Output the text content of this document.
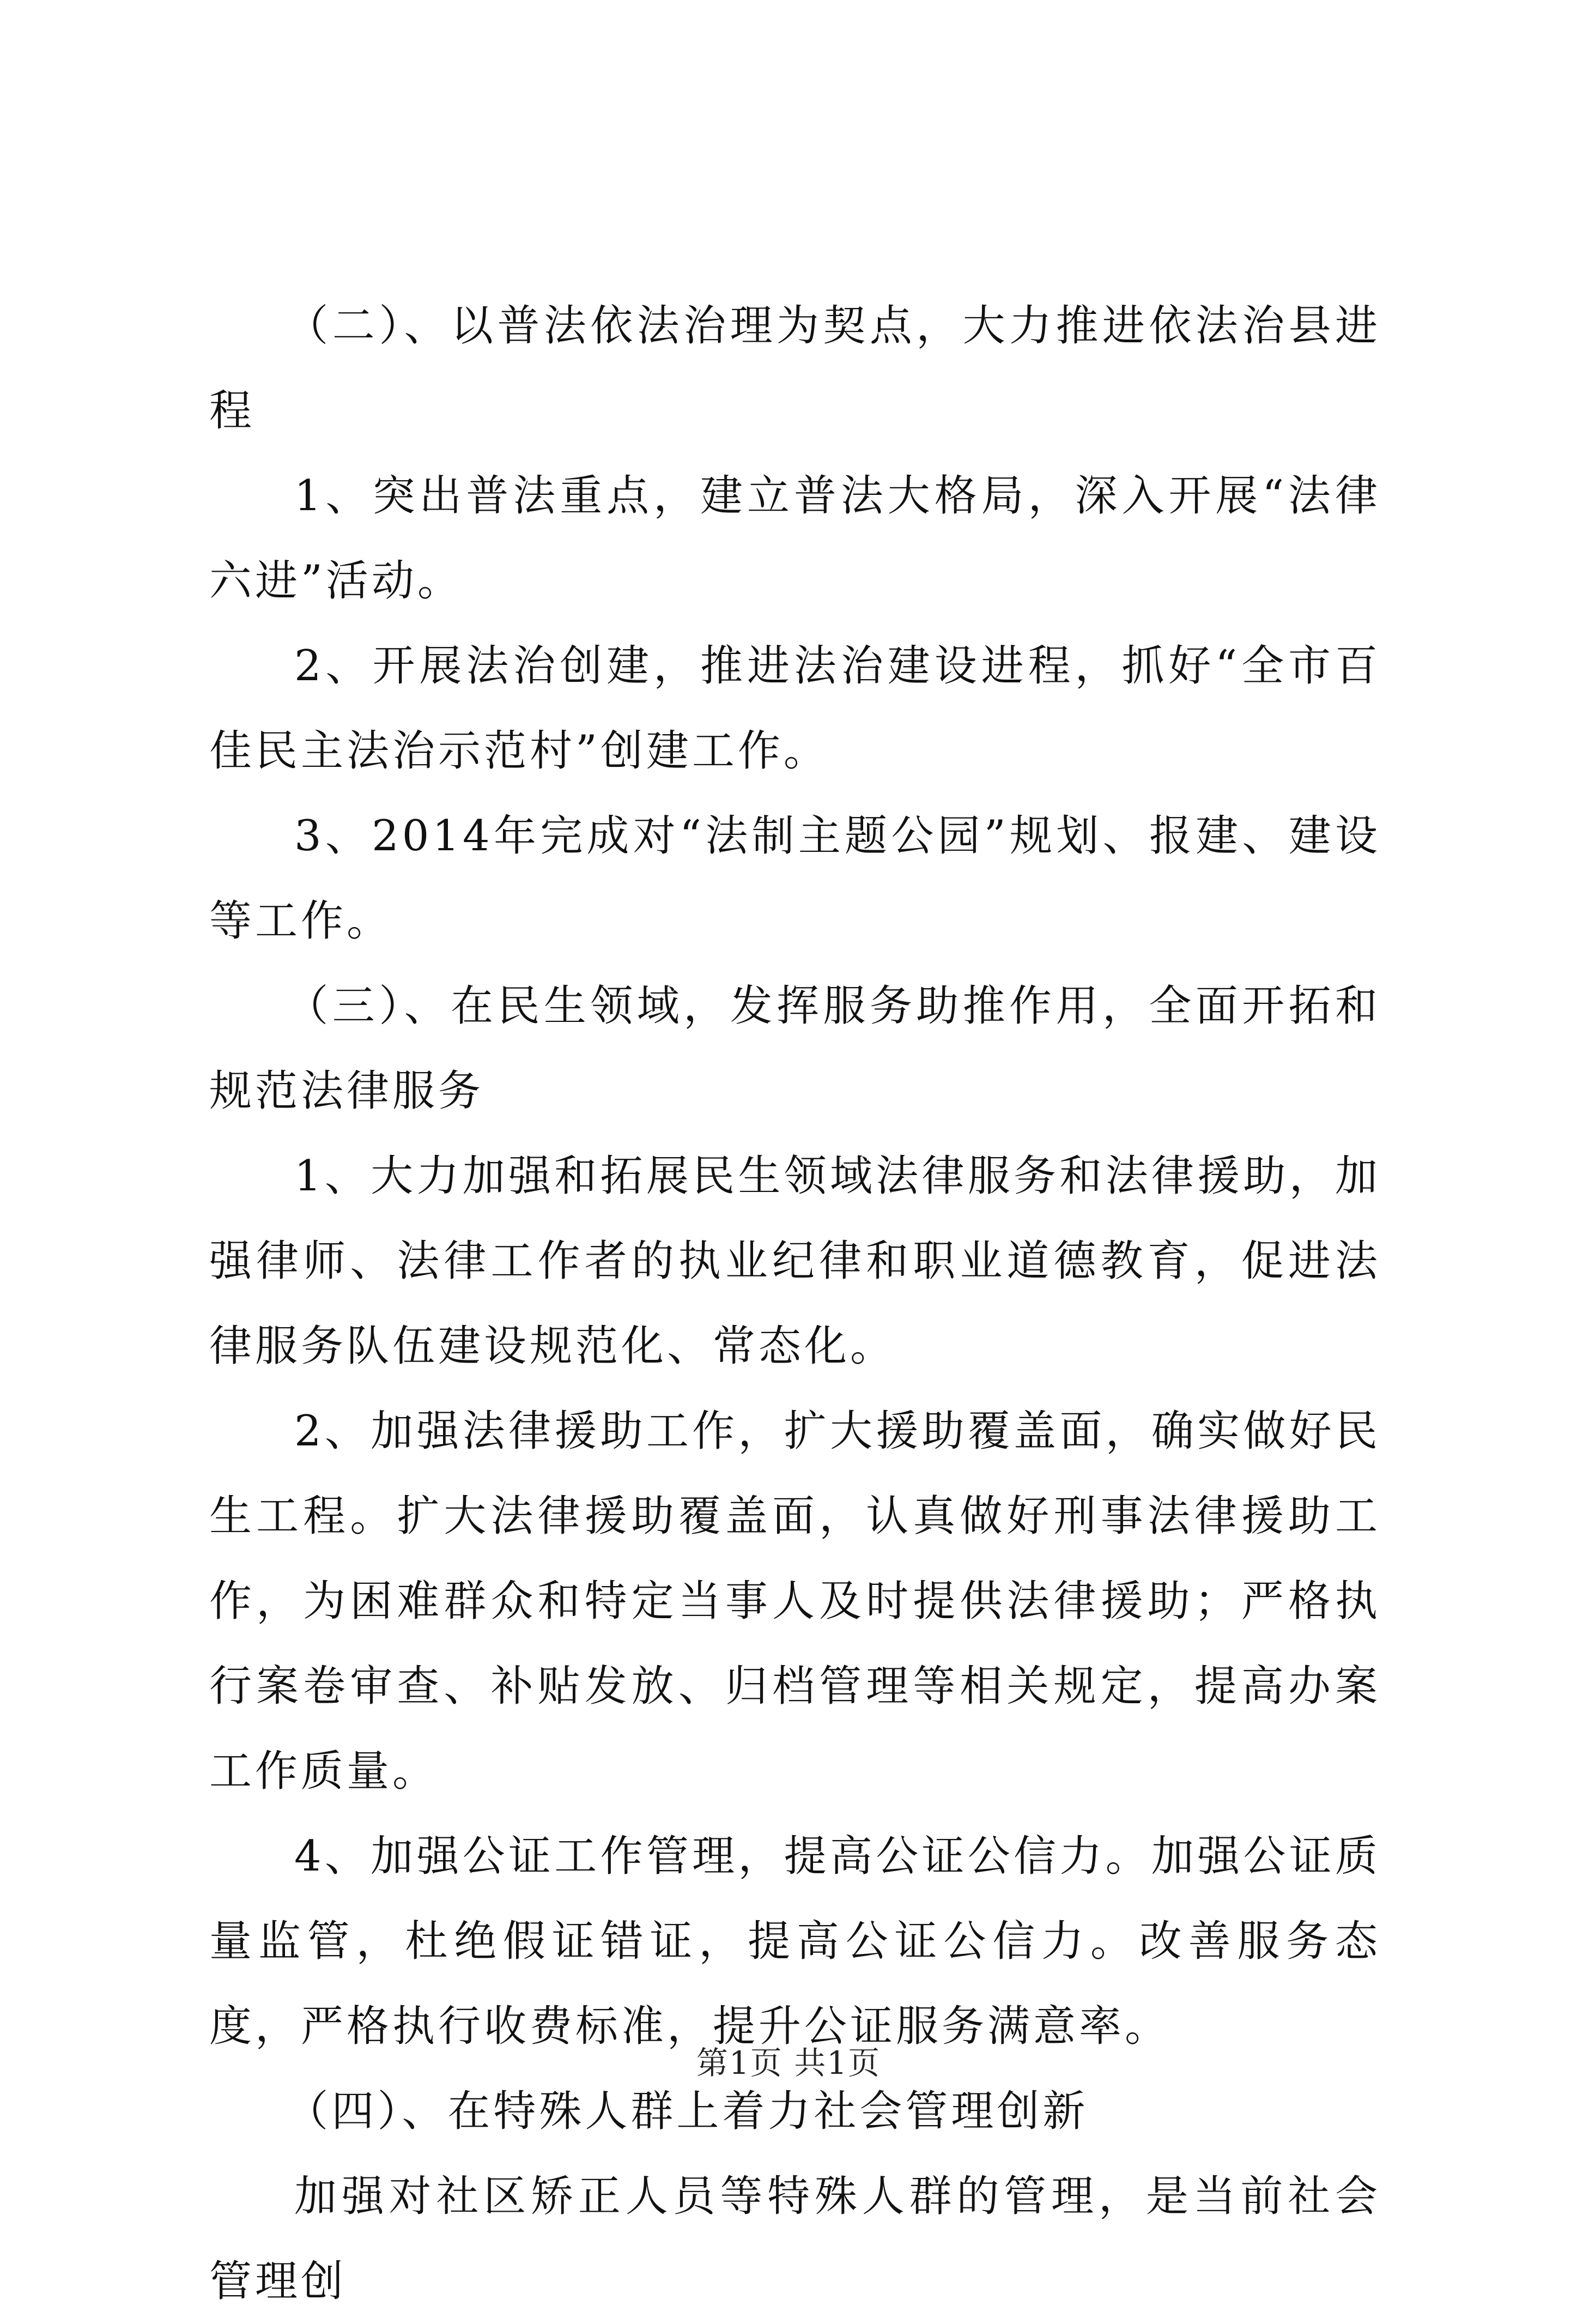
（二）、以普法依法治理为契点，大力推进依法治县进程

1、突出普法重点，建立普法大格局，深入开展“法律六进”活动。

2、开展法治创建，推进法治建设进程，抓好“全市百佳民主法治示范村”创建工作。

3、2014年完成对“法制主题公园”规划、报建、建设等工作。

（三）、在民生领域，发挥服务助推作用，全面开拓和规范法律服务

1、大力加强和拓展民生领域法律服务和法律援助，加强律师、法律工作者的执业纪律和职业道德教育，促进法律服务队伍建设规范化、常态化。

2、加强法律援助工作，扩大援助覆盖面，确实做好民生工程。扩大法律援助覆盖面，认真做好刑事法律援助工作，为困难群众和特定当事人及时提供法律援助；严格执行案卷审查、补贴发放、归档管理等相关规定，提高办案工作质量。

4、加强公证工作管理，提高公证公信力。加强公证质量监管，杜绝假证错证，提高公证公信力。改善服务态度，严格执行收费标准，提升公证服务满意率。

（四）、在特殊人群上着力社会管理创新

加强对社区矫正人员等特殊人群的管理，是当前社会管理创

第1页 共1页
